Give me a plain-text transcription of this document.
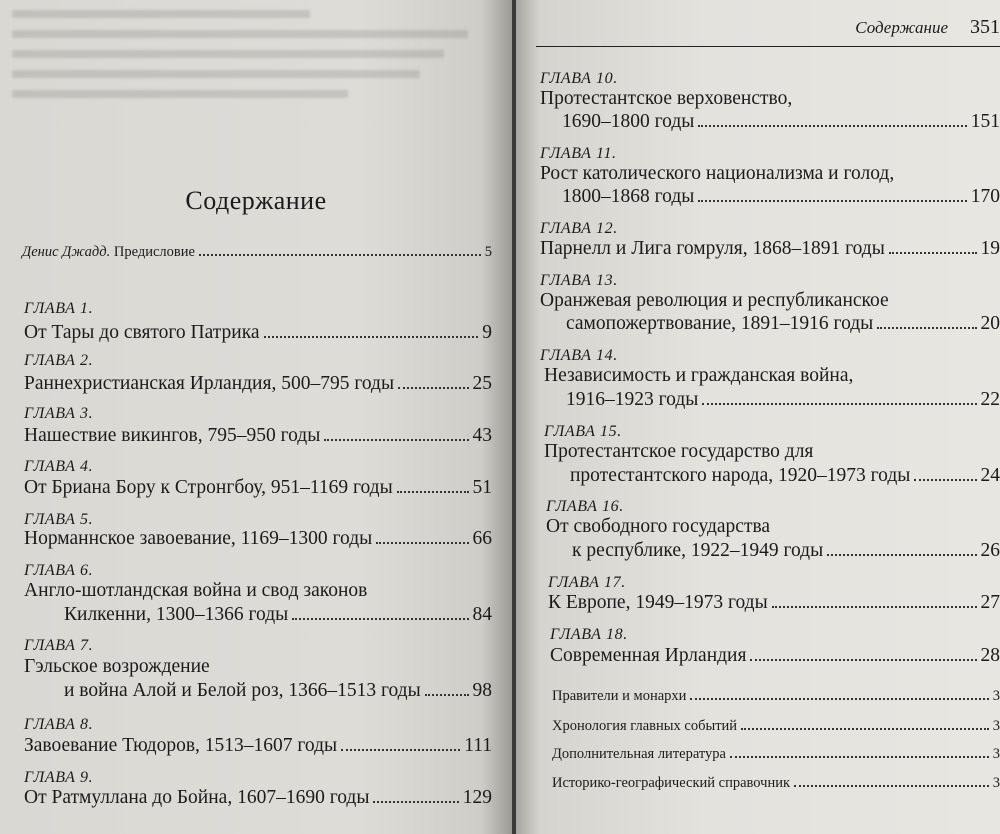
Содержание
Денис Джадд. Предисловие	5
ГЛАВА 1.
От Тары до святого Патрика	9
ГЛАВА 2.
Раннехристианская Ирландия, 500–795 годы	25
ГЛАВА 3.
Нашествие викингов, 795–950 годы	43
ГЛАВА 4.
От Бриана Бору к Стронгбоу, 951–1169 годы	51
ГЛАВА 5.
Норманнское завоевание, 1169–1300 годы	66
ГЛАВА 6.
Англо-шотландская война и свод законов
Килкенни, 1300–1366 годы	84
ГЛАВА 7.
Гэльское возрождение
и война Алой и Белой роз, 1366–1513 годы	98
ГЛАВА 8.
Завоевание Тюдоров, 1513–1607 годы	111
ГЛАВА 9.
От Ратмуллана до Бойна, 1607–1690 годы	129
Содержание 351
ГЛАВА 10.
Протестантское верховенство,
1690–1800 годы	151
ГЛАВА 11.
Рост католического национализма и голод,
1800–1868 годы	170
ГЛАВА 12.
Парнелл и Лига гомруля, 1868–1891 годы	19
ГЛАВА 13.
Оранжевая революция и республиканское
самопожертвование, 1891–1916 годы	20
ГЛАВА 14.
Независимость и гражданская война,
1916–1923 годы	22
ГЛАВА 15.
Протестантское государство для
протестантского народа, 1920–1973 годы	24
ГЛАВА 16.
От свободного государства
к республике, 1922–1949 годы	26
ГЛАВА 17.
К Европе, 1949–1973 годы	27
ГЛАВА 18.
Современная Ирландия	28
Правители и монархи	3
Хронология главных событий	3
Дополнительная литература	3
Историко-географический справочник	3
